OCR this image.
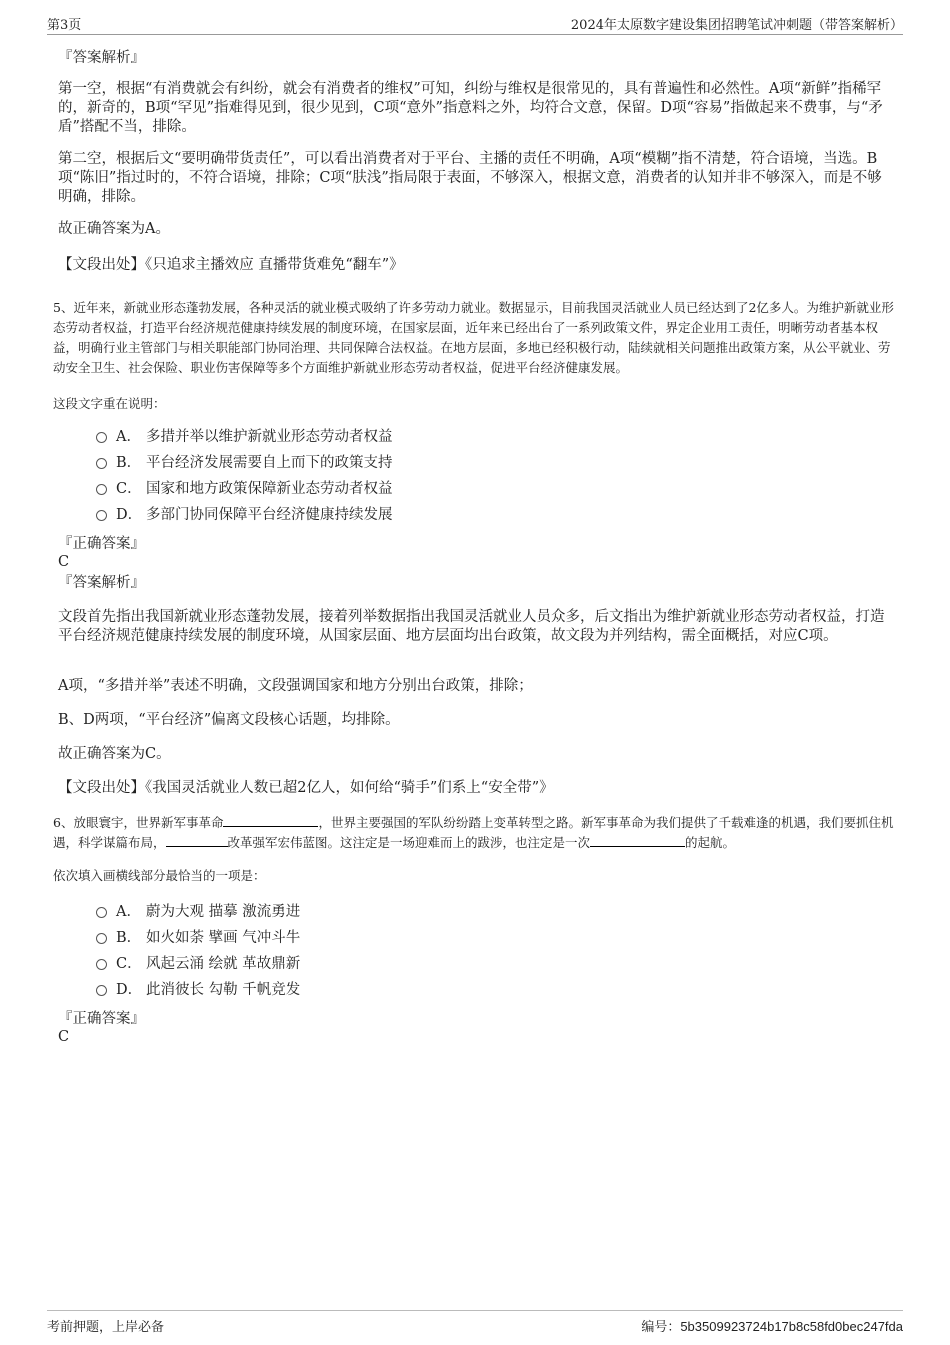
第3页	2024年太原数字建设集团招聘笔试冲刺题（带答案解析）
『答案解析』

第一空，根据“有消费就会有纠纷，就会有消费者的维权”可知，纠纷与维权是很常见的，具有普遍性和必然性。A项“新鲜”指稀罕的，新奇的，B项“罕见”指难得见到，很少见到，C项“意外”指意料之外，均符合文意，保留。D项“容易”指做起来不费事，与“矛盾”搭配不当，排除。

第二空，根据后文“要明确带货责任”，可以看出消费者对于平台、主播的责任不明确，A项“模糊”指不清楚，符合语境，当选。B项“陈旧”指过时的，不符合语境，排除；C项“肤浅”指局限于表面，不够深入，根据文意，消费者的认知并非不够深入，而是不够明确，排除。

故正确答案为A。
【文段出处】《只追求主播效应 直播带货难免“翻车”》

5、近年来，新就业形态蓬勃发展，各种灵活的就业模式吸纳了许多劳动力就业。数据显示，目前我国灵活就业人员已经达到了2亿多人。为维护新就业形态劳动者权益，打造平台经济规范健康持续发展的制度环境，在国家层面，近年来已经出台了一系列政策文件，界定企业用工责任，明晰劳动者基本权益，明确行业主管部门与相关职能部门协同治理、共同保障合法权益。在地方层面，多地已经积极行动，陆续就相关问题推出政策方案，从公平就业、劳动安全卫生、社会保险、职业伤害保障等多个方面维护新就业形态劳动者权益，促进平台经济健康发展。

这段文字重在说明：
A． 多措并举以维护新就业形态劳动者权益
B． 平台经济发展需要自上而下的政策支持
C． 国家和地方政策保障新业态劳动者权益
D． 多部门协同保障平台经济健康持续发展
『正确答案』
C
『答案解析』

文段首先指出我国新就业形态蓬勃发展，接着列举数据指出我国灵活就业人员众多，后文指出为维护新就业形态劳动者权益，打造平台经济规范健康持续发展的制度环境，从国家层面、地方层面均出台政策，故文段为并列结构，需全面概括，对应C项。

A项，“多措并举”表述不明确，文段强调国家和地方分别出台政策，排除；
B、D两项，“平台经济”偏离文段核心话题，均排除。
故正确答案为C。
【文段出处】《我国灵活就业人数已超2亿人，如何给“骑手”们系上“安全带”》

6、放眼寰宇，世界新军事革命	，世界主要强国的军队纷纷踏上变革转型之路。新军事革命为我们提供了千载难逢的机遇，我们要抓住机遇，科学谋篇布局，	改革强军宏伟蓝图。这注定是一场迎难而上的跋涉，也注定是一次	的起航。

依次填入画横线部分最恰当的一项是：
A． 蔚为大观 描摹 激流勇进
B． 如火如荼 擘画 气冲斗牛
C． 风起云涌 绘就 革故鼎新
D． 此消彼长 勾勒 千帆竞发
『正确答案』
C
考前押题，上岸必备	编号：5b3509923724b17b8c58fd0bec247fda
